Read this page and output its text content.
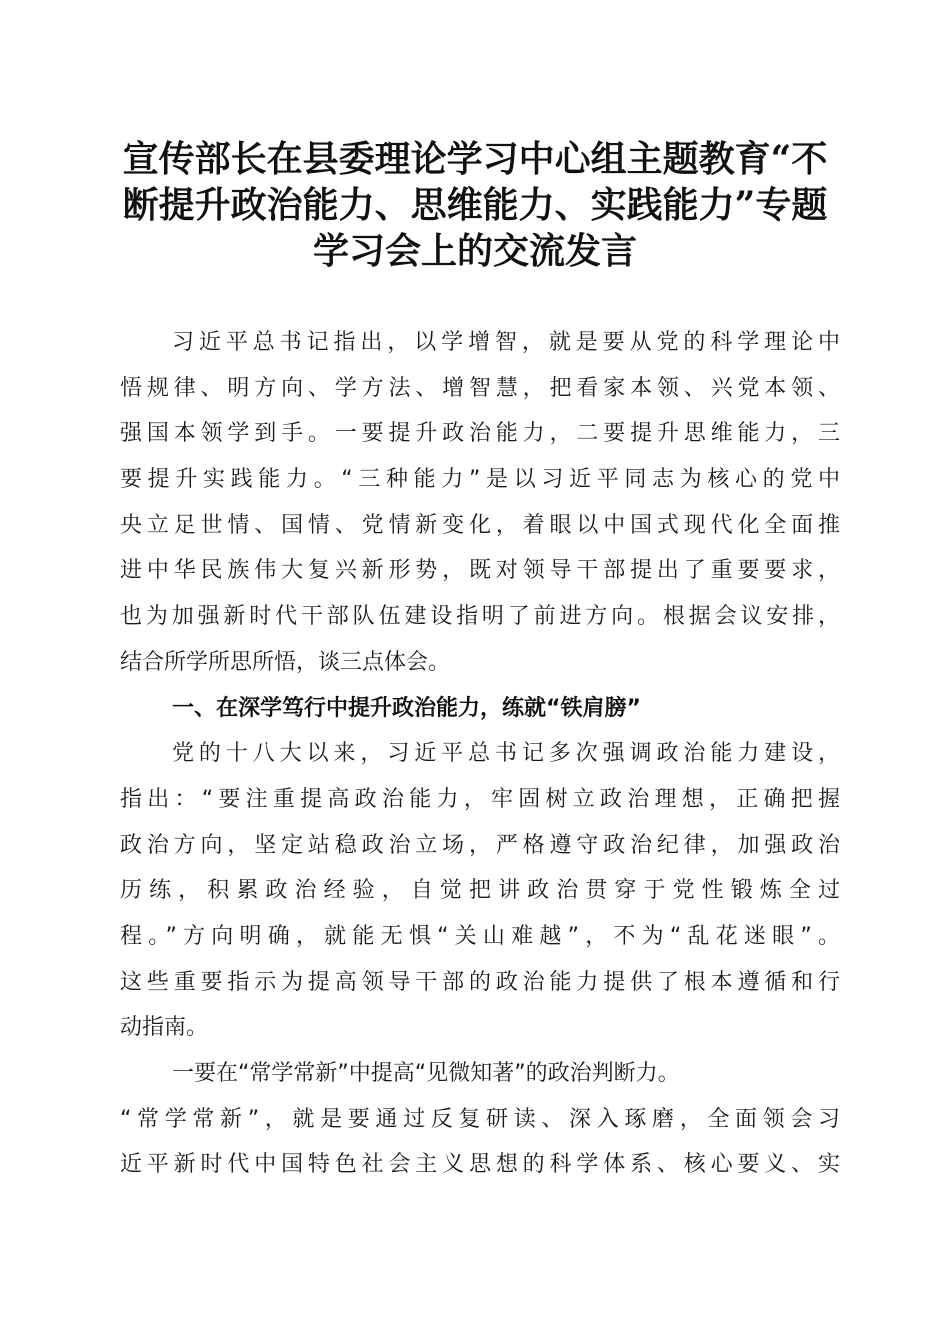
宣传部长在县委理论学习中心组主题教育“不
断提升政治能力、思维能力、实践能力”专题
学习会上的交流发言
习近平总书记指出，以学增智，就是要从党的科学理论中
悟规律、明方向、学方法、增智慧，把看家本领、兴党本领、
强国本领学到手。一要提升政治能力，二要提升思维能力，三
要提升实践能力。“三种能力”是以习近平同志为核心的党中
央立足世情、国情、党情新变化，着眼以中国式现代化全面推
进中华民族伟大复兴新形势，既对领导干部提出了重要要求，
也为加强新时代干部队伍建设指明了前进方向。根据会议安排，
结合所学所思所悟，谈三点体会。
一、在深学笃行中提升政治能力，练就“铁肩膀”
党的十八大以来，习近平总书记多次强调政治能力建设，
指出：“要注重提高政治能力，牢固树立政治理想，正确把握
政治方向，坚定站稳政治立场，严格遵守政治纪律，加强政治
历练，积累政治经验，自觉把讲政治贯穿于党性锻炼全过
程。”方向明确，就能无惧“关山难越”，不为“乱花迷眼”。
这些重要指示为提高领导干部的政治能力提供了根本遵循和行
动指南。
一要在“常学常新”中提高“见微知著”的政治判断力。
“常学常新”，就是要通过反复研读、深入琢磨，全面领会习
近平新时代中国特色社会主义思想的科学体系、核心要义、实
